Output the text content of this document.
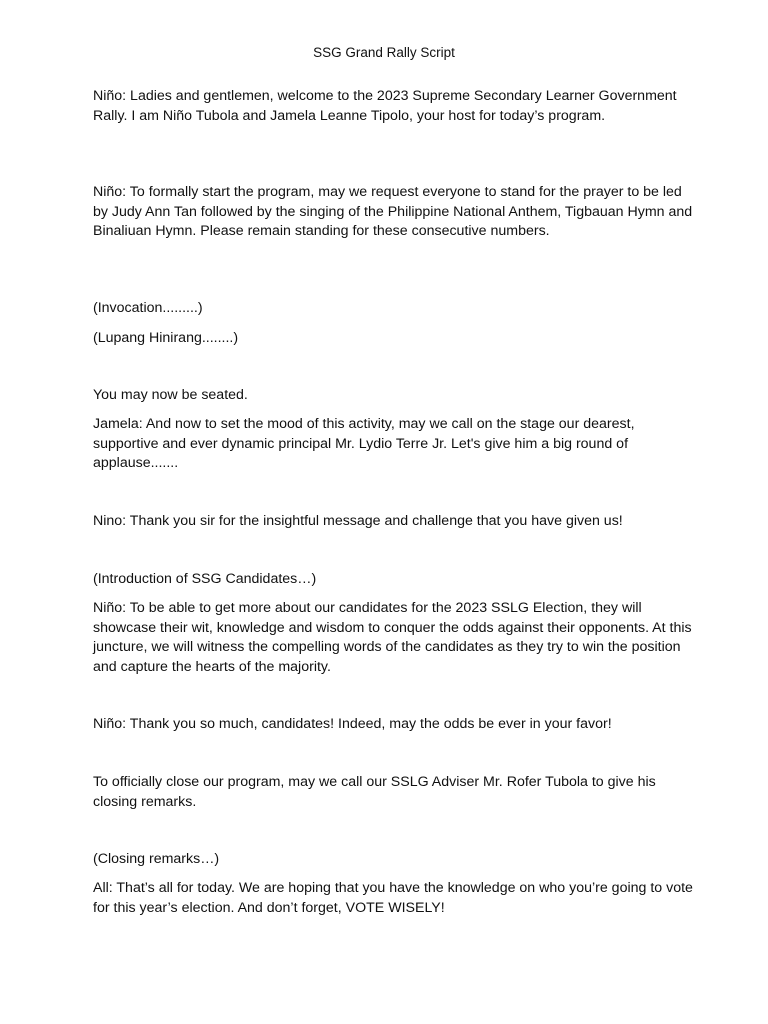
SSG Grand Rally Script

Niño: Ladies and gentlemen, welcome to the 2023 Supreme Secondary Learner Government Rally. I am Niño Tubola and Jamela Leanne Tipolo, your host for today’s program.

Niño: To formally start the program, may we request everyone to stand for the prayer to be led by Judy Ann Tan followed by the singing of the Philippine National Anthem, Tigbauan Hymn and Binaliuan Hymn. Please remain standing for these consecutive numbers.

(Invocation.........)

(Lupang Hinirang........)

You may now be seated.

Jamela: And now to set the mood of this activity, may we call on the stage our dearest, supportive and ever dynamic principal Mr. Lydio Terre Jr. Let's give him a big round of applause.......

Nino: Thank you sir for the insightful message and challenge that you have given us!

(Introduction of SSG Candidates…)

Niño: To be able to get more about our candidates for the 2023 SSLG Election, they will showcase their wit, knowledge and wisdom to conquer the odds against their opponents. At this juncture, we will witness the compelling words of the candidates as they try to win the position and capture the hearts of the majority.

Niño: Thank you so much, candidates! Indeed, may the odds be ever in your favor!

To officially close our program, may we call our SSLG Adviser Mr. Rofer Tubola to give his closing remarks.

(Closing remarks…)

All: That’s all for today. We are hoping that you have the knowledge on who you’re going to vote for this year’s election. And don’t forget, VOTE WISELY!
